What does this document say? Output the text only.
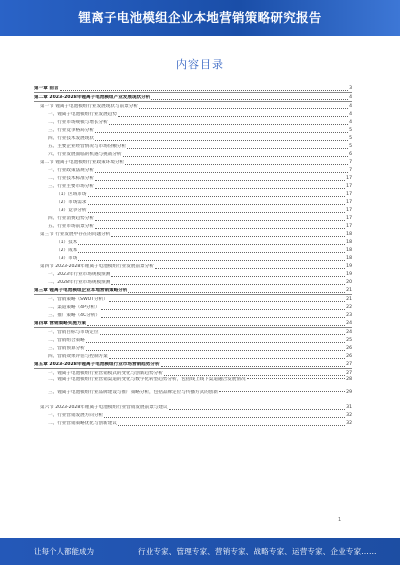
锂离子电池模组企业本地营销策略研究报告
内容目录
第一章 前言	3
第二章 2023-2028年锂离子电池模组产业发展现状分析	4
第一节 锂离子电池模组行业发展现状与前景分析	4
一、锂离子电池模组行业发展趋势	4
二、行业市场规模与增长分析	4
三、行业竞争格局分析	5
四、行业技术发展现状	5
五、主要企业经营情况与市场份额分析	5
六、行业发展面临的机遇与挑战分析	6
第二节 锂离子电池模组行业政策环境分析	7
一、行业政策法规分析	7
二、行业技术标准分析	17
三、行业主要市场分析	17
（1）区域市场	17
（2）市场需求	17
（3）竞争分析	17
四、行业消费趋势分析	17
五、行业市场前景分析	17
第三节 行业发展中存在的问题分析	18
（1）技术	18
（2）成本	18
（3）市场	18
第四节 2023-2028年锂离子电池模组行业发展前景分析	19
一、2023年行业市场规模预测	19
二、2028年行业市场规模预测	20
第三章 锂离子电池模组企业本地营销策略分析	21
一、营销策略（SWOT分析）	21
二、渠道策略（4P分析）	22
三、推广策略（4C分析）	23
第四章 营销策略实施方案	24
一、营销目标与市场定位	24
二、营销组合策略	25
三、营销预算分析	26
四、营销效果评估与控制方案	26
第五章 2023-2028年锂离子电池模组行业市场营销趋势分析	27
一、锂离子电池模组行业营销模式的变化与创新趋势分析	27
二、锂离子电池模组行业营销渠道的变化与数字化转型趋势分析，包括线上线下渠道融合发展情况	28
三、锂离子电池模组行业品牌建设与推广策略分析，包括品牌定位与传播方式的创新	29
第六节 2023-2028年锂离子电池模组行业营销发展前景与建议	31
一、行业营销发展方向分析	32
二、行业营销策略优化与创新建议	32
1
让每个人都能成为	行业专家、管理专家、营销专家、战略专家、运营专家、企业专家……
